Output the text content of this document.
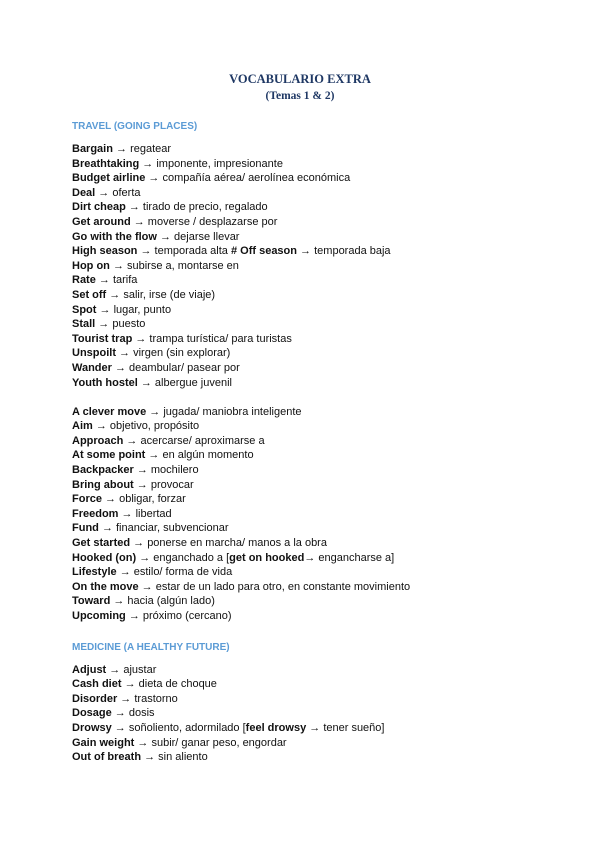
VOCABULARIO EXTRA
(Temas 1 & 2)
TRAVEL (GOING PLACES)
Bargain → regatear
Breathtaking → imponente, impresionante
Budget airline → compañía aérea/ aerolínea económica
Deal → oferta
Dirt cheap → tirado de precio, regalado
Get around → moverse / desplazarse por
Go with the flow → dejarse llevar
High season → temporada alta # Off season → temporada baja
Hop on → subirse a, montarse en
Rate → tarifa
Set off → salir, irse (de viaje)
Spot → lugar, punto
Stall → puesto
Tourist trap → trampa turística/ para turistas
Unspoilt → virgen (sin explorar)
Wander → deambular/ pasear por
Youth hostel → albergue juvenil
A clever move → jugada/ maniobra inteligente
Aim → objetivo, propósito
Approach → acercarse/ aproximarse a
At some point → en algún momento
Backpacker → mochilero
Bring about → provocar
Force → obligar, forzar
Freedom → libertad
Fund → financiar, subvencionar
Get started → ponerse en marcha/ manos a la obra
Hooked (on) → enganchado a [get on hooked→ engancharse a]
Lifestyle → estilo/ forma de vida
On the move → estar de un lado para otro, en constante movimiento
Toward → hacia (algún lado)
Upcoming → próximo (cercano)
MEDICINE (A HEALTHY FUTURE)
Adjust → ajustar
Cash diet → dieta de choque
Disorder → trastorno
Dosage → dosis
Drowsy → soñoliento, adormilado [feel drowsy → tener sueño]
Gain weight → subir/ ganar peso, engordar
Out of breath → sin aliento
